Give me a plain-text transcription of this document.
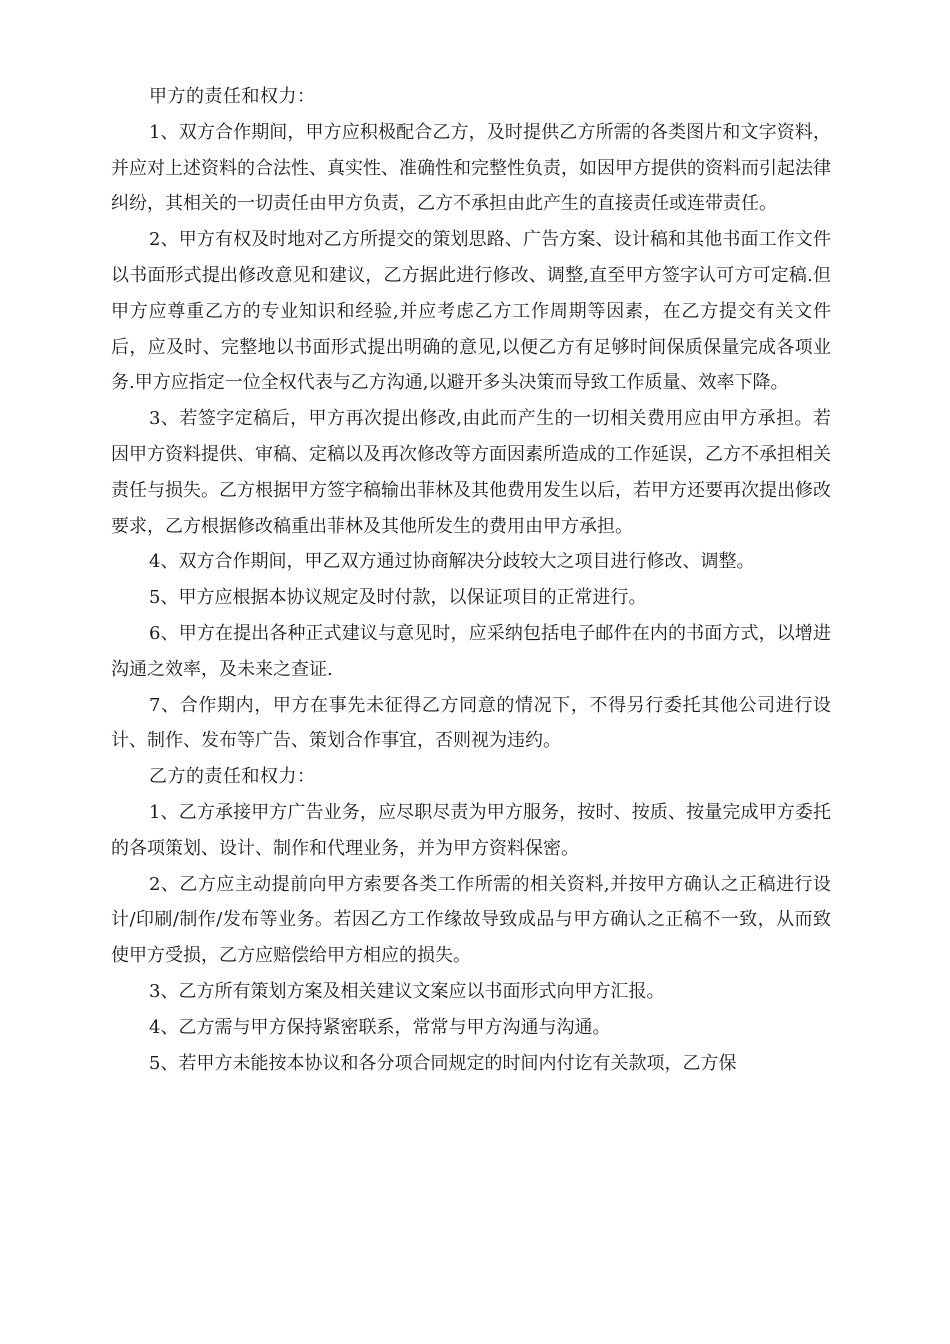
甲方的责任和权力：

1、双方合作期间，甲方应积极配合乙方，及时提供乙方所需的各类图片和文字资料，并应对上述资料的合法性、真实性、准确性和完整性负责，如因甲方提供的资料而引起法律纠纷，其相关的一切责任由甲方负责，乙方不承担由此产生的直接责任或连带责任。

2、甲方有权及时地对乙方所提交的策划思路、广告方案、设计稿和其他书面工作文件以书面形式提出修改意见和建议，乙方据此进行修改、调整,直至甲方签字认可方可定稿.但甲方应尊重乙方的专业知识和经验,并应考虑乙方工作周期等因素，在乙方提交有关文件后，应及时、完整地以书面形式提出明确的意见,以便乙方有足够时间保质保量完成各项业务.甲方应指定一位全权代表与乙方沟通,以避开多头决策而导致工作质量、效率下降。

3、若签字定稿后，甲方再次提出修改,由此而产生的一切相关费用应由甲方承担。若因甲方资料提供、审稿、定稿以及再次修改等方面因素所造成的工作延误，乙方不承担相关责任与损失。乙方根据甲方签字稿输出菲林及其他费用发生以后，若甲方还要再次提出修改要求，乙方根据修改稿重出菲林及其他所发生的费用由甲方承担。

4、双方合作期间，甲乙双方通过协商解决分歧较大之项目进行修改、调整。

5、甲方应根据本协议规定及时付款，以保证项目的正常进行。

6、甲方在提出各种正式建议与意见时，应采纳包括电子邮件在内的书面方式，以增进沟通之效率，及未来之查证.

7、合作期内，甲方在事先未征得乙方同意的情况下，不得另行委托其他公司进行设计、制作、发布等广告、策划合作事宜，否则视为违约。

乙方的责任和权力：

1、乙方承接甲方广告业务，应尽职尽责为甲方服务，按时、按质、按量完成甲方委托的各项策划、设计、制作和代理业务，并为甲方资料保密。

2、乙方应主动提前向甲方索要各类工作所需的相关资料,并按甲方确认之正稿进行设计/印刷/制作/发布等业务。若因乙方工作缘故导致成品与甲方确认之正稿不一致，从而致使甲方受损，乙方应赔偿给甲方相应的损失。

3、乙方所有策划方案及相关建议文案应以书面形式向甲方汇报。

4、乙方需与甲方保持紧密联系，常常与甲方沟通与沟通。

5、若甲方未能按本协议和各分项合同规定的时间内付讫有关款项，乙方保
